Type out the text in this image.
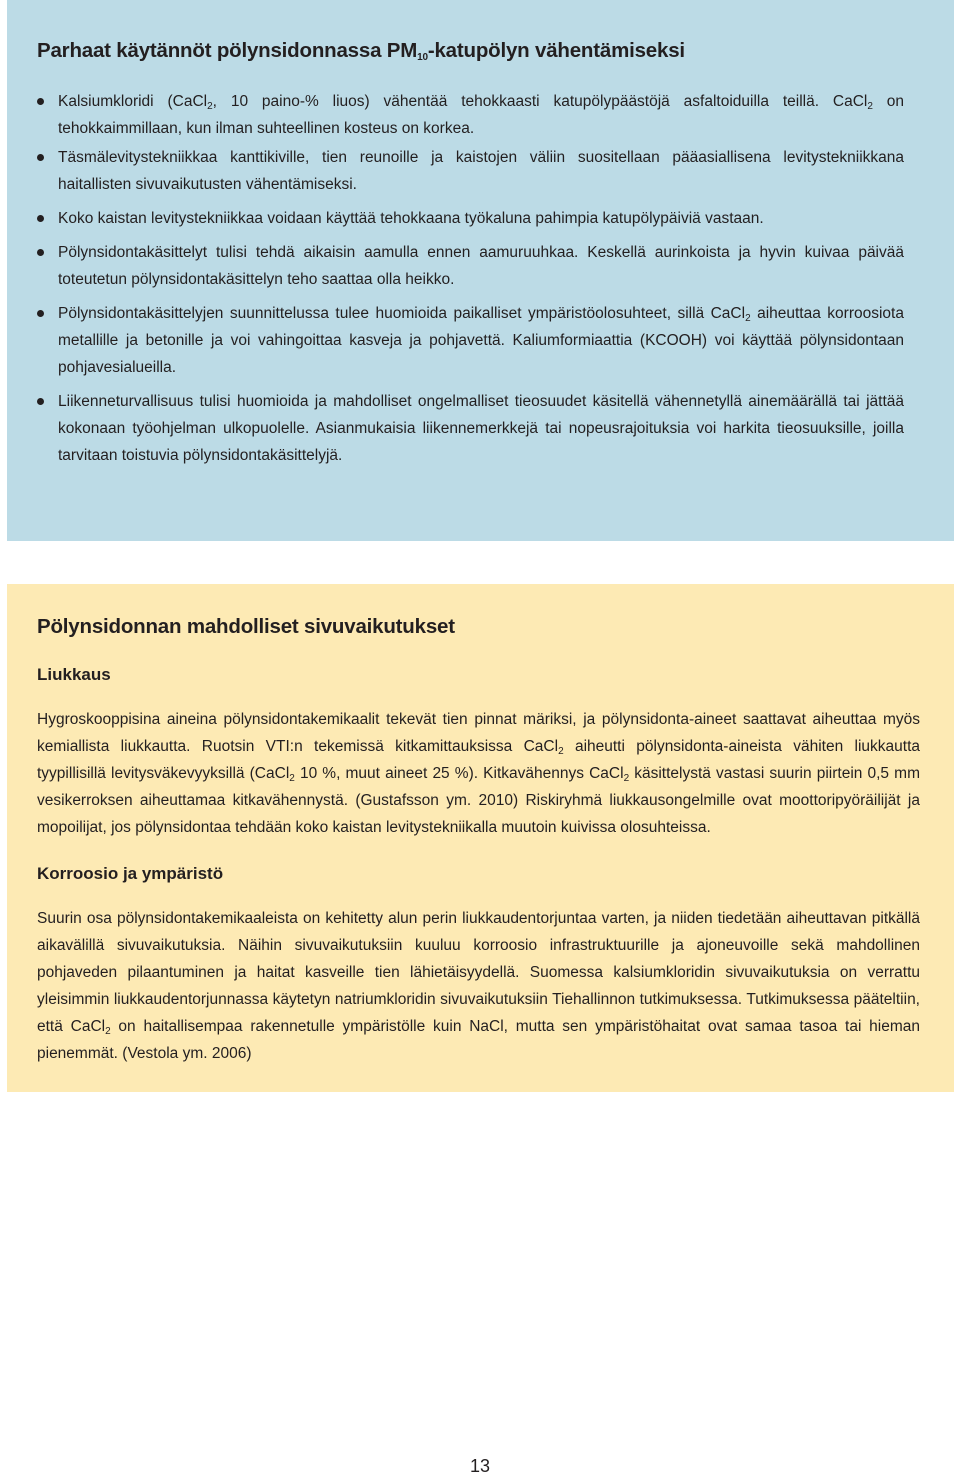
Parhaat käytännöt pölynsidonnassa $PM_{10}$-katupölyn vähentämiseksi
Kalsiumkloridi (CaCl$_2$, 10 paino-% liuos) vähentää tehokkaasti katupölypäästöjä asfaltoiduilla teillä. CaCl$_2$ on tehokkaimmillaan, kun ilman suhteellinen kosteus on korkea.
Täsmälevitystekniikkaa kanttikiville, tien reunoille ja kaistojen väliin suositellaan pääasiallisena levitystekniikkana haitallisten sivuvaikutusten vähentämiseksi.
Koko kaistan levitystekniikkaa voidaan käyttää tehokkaana työkaluna pahimpia katupölypäiviä vastaan.
Pölynsidontakäsittelyt tulisi tehdä aikaisin aamulla ennen aamuruuhkaa. Keskellä aurinkoista ja hyvin kuivaa päivää toteutetun pölynsidontakäsittelyn teho saattaa olla heikko.
Pölynsidontakäsittelyjen suunnittelussa tulee huomioida paikalliset ympäristöolosuhteet, sillä CaCl$_2$ aiheuttaa korroosiota metallille ja betonille ja voi vahingoittaa kasveja ja pohjavettä. Kaliumformiaattia (KCOOH) voi käyttää pölynsidontaan pohjavesialueilla.
Liikenneturvallisuus tulisi huomioida ja mahdolliset ongelmalliset tieosuudet käsitellä vähennetyllä ainemäärällä tai jättää kokonaan työohjelman ulkopuolelle. Asianmukaisia liikennemerkkejä tai nopeusrajoituksia voi harkita tieosuuksille, joilla tarvitaan toistuvia pölynsidontakäsittelyjä.
Pölynsidonnan mahdolliset sivuvaikutukset
Liukkaus

Hygroskooppisina aineina pölynsidontakemikaalit tekevät tien pinnat märiksi, ja pölynsidonta-aineet saattavat aiheuttaa myös kemiallista liukkautta. Ruotsin VTI:n tekemissä kitkamittauksissa CaCl$_2$ aiheutti pölynsidonta-aineista vähiten liukkautta tyypillisillä levitysväkevyyksillä (CaCl$_2$ 10 %, muut aineet 25 %). Kitkavähennys CaCl$_2$ käsittelystä vastasi suurin piirtein 0,5 mm vesikerroksen aiheuttamaa kitkavähennystä. (Gustafsson ym. 2010) Riskiryhmä liukkausongelmille ovat moottoripyöräilijät ja mopoilijat, jos pölynsidontaa tehdään koko kaistan levitystekniikalla muutoin kuivissa olosuhteissa.

Korroosio ja ympäristö

Suurin osa pölynsidontakemikaaleista on kehitetty alun perin liukkaudentorjuntaa varten, ja niiden tiedetään aiheuttavan pitkällä aikavälillä sivuvaikutuksia. Näihin sivuvaikutuksiin kuuluu korroosio infrastruktuurille ja ajoneuvoille sekä mahdollinen pohjaveden pilaantuminen ja haitat kasveille tien lähietäisyydellä. Suomessa kalsiumkloridin sivuvaikutuksia on verrattu yleisimmin liukkaudentorjunnassa käytetyn natriumkloridin sivuvaikutuksiin Tiehallinnon tutkimuksessa. Tutkimuksessa pääteltiin, että CaCl$_2$ on haitallisempaa rakennetulle ympäristölle kuin NaCl, mutta sen ympäristöhaitat ovat samaa tasoa tai hieman pienemmät. (Vestola ym. 2006)

13
